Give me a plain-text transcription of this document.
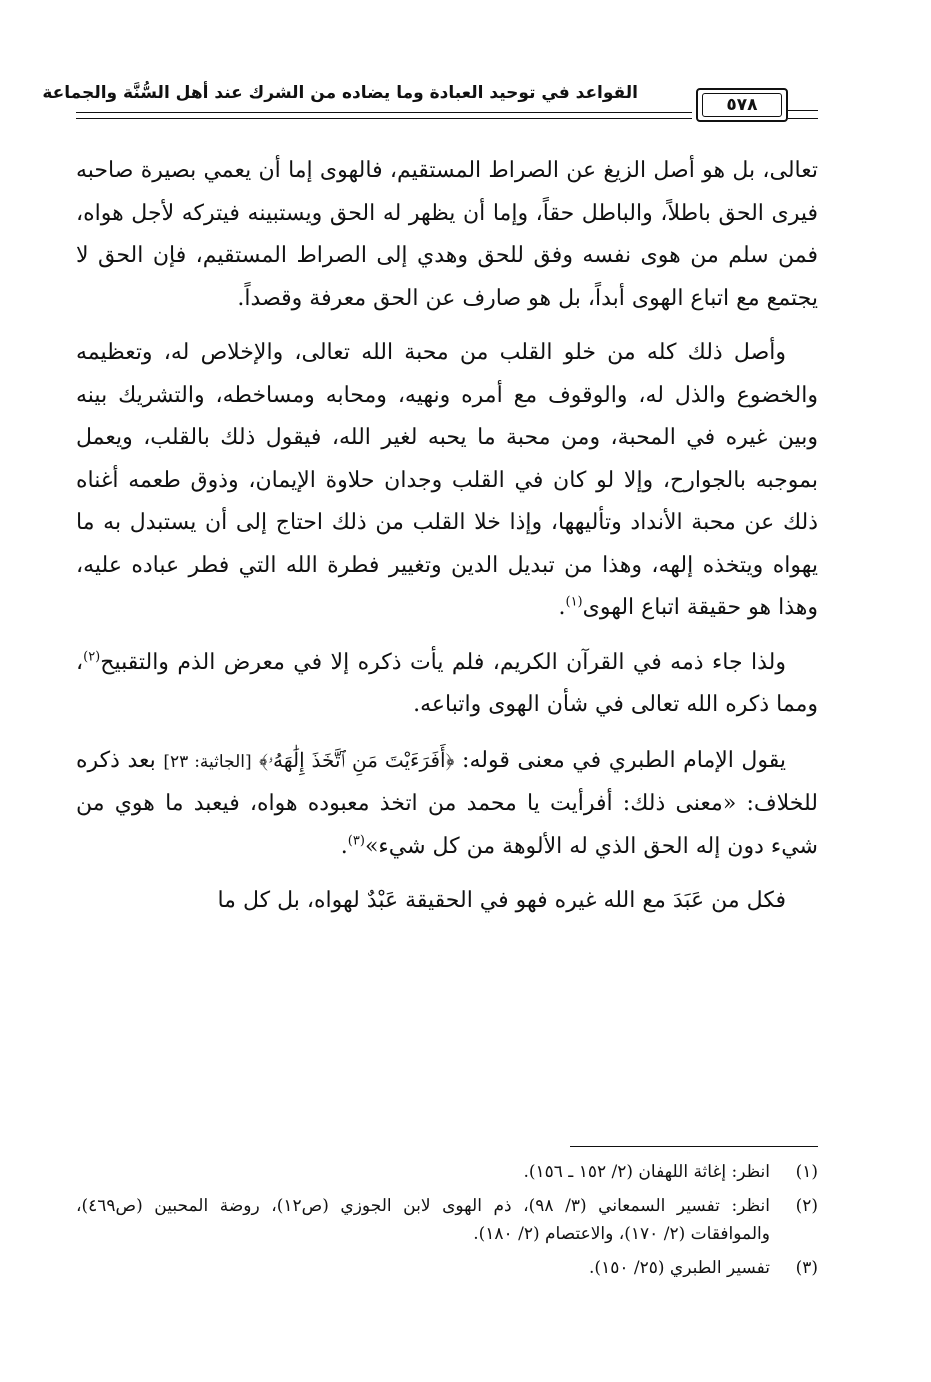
٥٧٨
القواعد في توحيد العبادة وما يضاده من الشرك عند أهل السُّنَّة والجماعة

تعالى، بل هو أصل الزيغ عن الصراط المستقيم، فالهوى إما أن يعمي بصيرة صاحبه فيرى الحق باطلاً، والباطل حقاً، وإما أن يظهر له الحق ويستبينه فيتركه لأجل هواه، فمن سلم من هوى نفسه وفق للحق وهدي إلى الصراط المستقيم، فإن الحق لا يجتمع مع اتباع الهوى أبداً، بل هو صارف عن الحق معرفة وقصداً.

وأصل ذلك كله من خلو القلب من محبة الله تعالى، والإخلاص له، وتعظيمه والخضوع والذل له، والوقوف مع أمره ونهيه، ومحابه ومساخطه، والتشريك بينه وبين غيره في المحبة، ومن محبة ما يحبه لغير الله، فيقول ذلك بالقلب، ويعمل بموجبه بالجوارح، وإلا لو كان في القلب وجدان حلاوة الإيمان، وذوق طعمه أغناه ذلك عن محبة الأنداد وتأليهها، وإذا خلا القلب من ذلك احتاج إلى أن يستبدل به ما يهواه ويتخذه إلهه، وهذا من تبديل الدين وتغيير فطرة الله التي فطر عباده عليه، وهذا هو حقيقة اتباع الهوى$^{(١)}$.

ولذا جاء ذمه في القرآن الكريم، فلم يأت ذكره إلا في معرض الذم والتقبيح$^{(٢)}$، ومما ذكره الله تعالى في شأن الهوى واتباعه.

يقول الإمام الطبري في معنى قوله: ﴿أَفَرَءَيْتَ مَنِ ٱتَّخَذَ إِلَٰهَهُۥ﴾ [الجاثية: ٢٣] بعد ذكره للخلاف: «معنى ذلك: أفرأيت يا محمد من اتخذ معبوده هواه، فيعبد ما هوي من شيء دون إله الحق الذي له الألوهة من كل شيء»$^{(٣)}$.

فكل من عَبَدَ مع الله غيره فهو في الحقيقة عَبْدٌ لهواه، بل كل ما

(١)
انظر: إغاثة اللهفان (٢/ ١٥٢ ـ ١٥٦).
(٢)
انظر: تفسير السمعاني (٣/ ٩٨)، ذم الهوى لابن الجوزي (ص١٢)، روضة المحبين (ص٤٦٩)، والموافقات (٢/ ١٧٠)، والاعتصام (٢/ ١٨٠).
(٣)
تفسير الطبري (٢٥/ ١٥٠).
